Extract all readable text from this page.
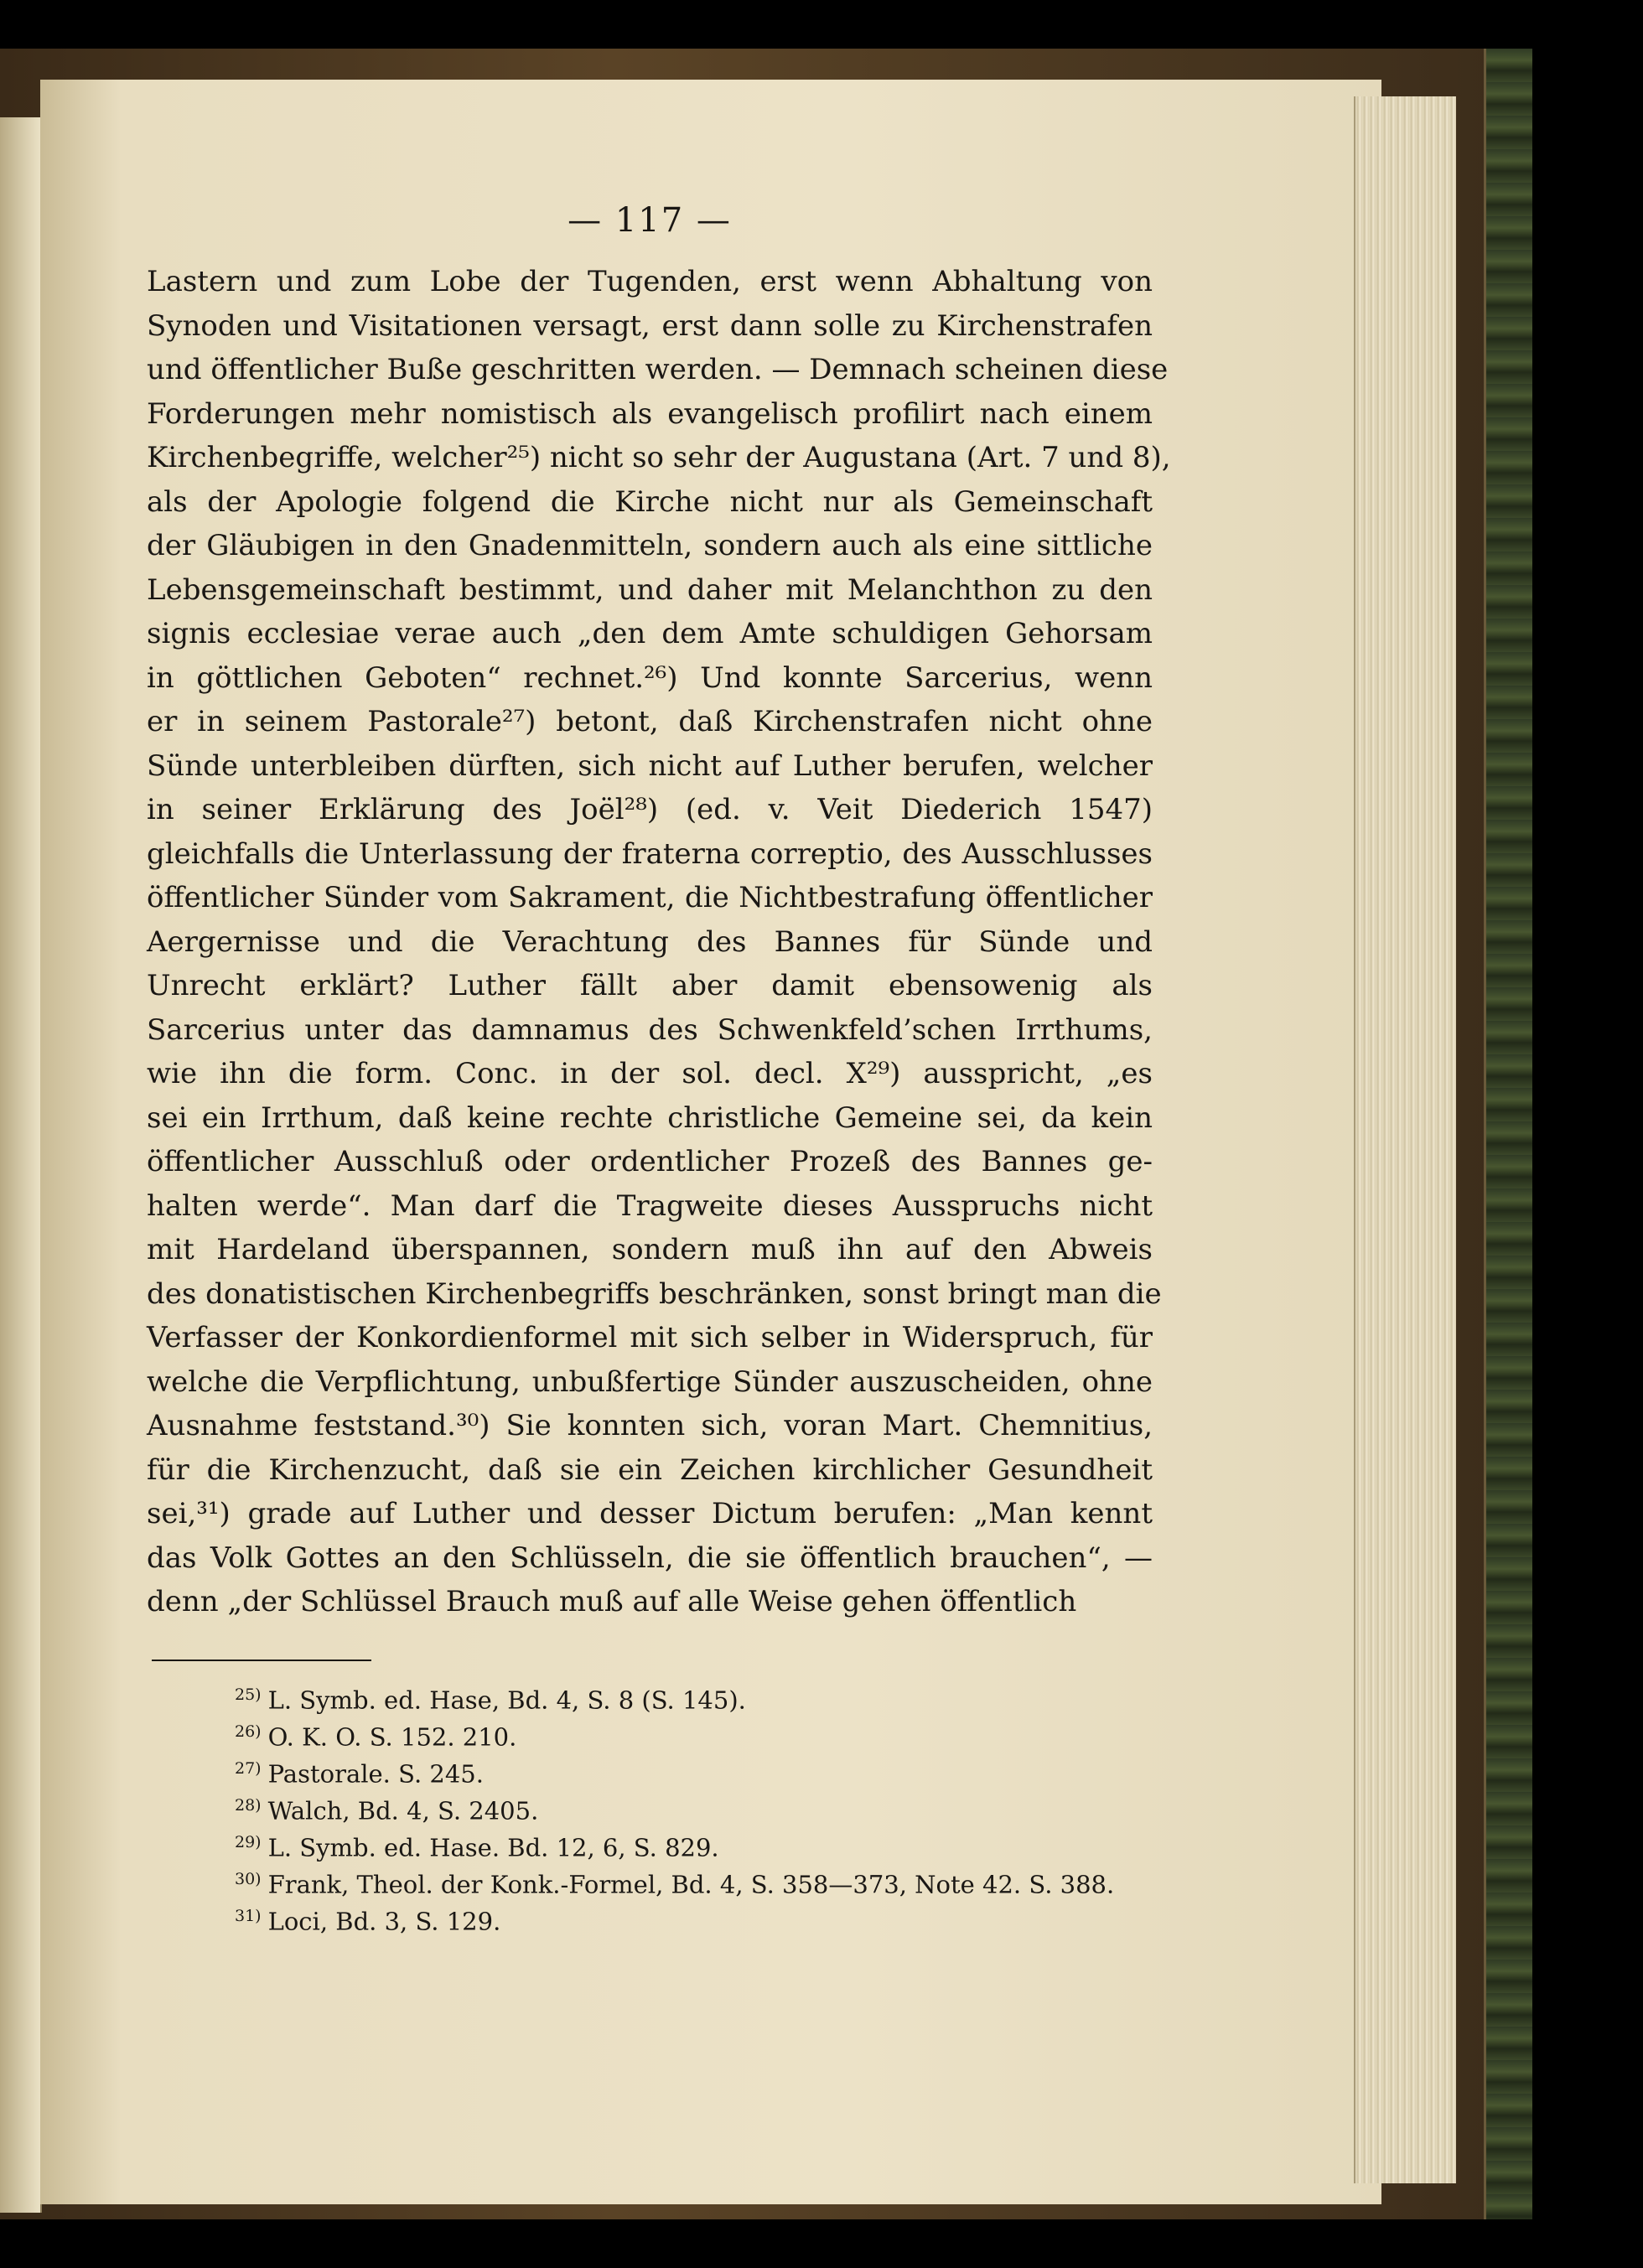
— 117 —
Lastern und zum Lobe der Tugenden, erst wenn Abhaltung von
Synoden und Visitationen versagt, erst dann solle zu Kirchenstrafen
und öffentlicher Buße geschritten werden. — Demnach scheinen diese
Forderungen mehr nomistisch als evangelisch profilirt nach einem
Kirchenbegriffe, welcher²⁵) nicht so sehr der Augustana (Art. 7 und 8),
als der Apologie folgend die Kirche nicht nur als Gemeinschaft
der Gläubigen in den Gnadenmitteln, sondern auch als eine sittliche
Lebensgemeinschaft bestimmt, und daher mit Melanchthon zu den
signis ecclesiae verae auch „den dem Amte schuldigen Gehorsam
in göttlichen Geboten“ rechnet.²⁶) Und konnte Sarcerius, wenn
er in seinem Pastorale²⁷) betont, daß Kirchenstrafen nicht ohne
Sünde unterbleiben dürften, sich nicht auf Luther berufen, welcher
in seiner Erklärung des Joël²⁸) (ed. v. Veit Diederich 1547)
gleichfalls die Unterlassung der fraterna correptio, des Ausschlusses
öffentlicher Sünder vom Sakrament, die Nichtbestrafung öffentlicher
Aergernisse und die Verachtung des Bannes für Sünde und
Unrecht erklärt? Luther fällt aber damit ebensowenig als
Sarcerius unter das damnamus des Schwenkfeld’schen Irrthums,
wie ihn die form. Conc. in der sol. decl. X²⁹) ausspricht, „es
sei ein Irrthum, daß keine rechte christliche Gemeine sei, da kein
öffentlicher Ausschluß oder ordentlicher Prozeß des Bannes ge-
halten werde“. Man darf die Tragweite dieses Ausspruchs nicht
mit Hardeland überspannen, sondern muß ihn auf den Abweis
des donatistischen Kirchenbegriffs beschränken, sonst bringt man die
Verfasser der Konkordienformel mit sich selber in Widerspruch, für
welche die Verpflichtung, unbußfertige Sünder auszuscheiden, ohne
Ausnahme feststand.³⁰) Sie konnten sich, voran Mart. Chemnitius,
für die Kirchenzucht, daß sie ein Zeichen kirchlicher Gesundheit
sei,³¹) grade auf Luther und desser Dictum berufen: „Man kennt
das Volk Gottes an den Schlüsseln, die sie öffentlich brauchen“, —
denn „der Schlüssel Brauch muß auf alle Weise gehen öffentlich
$^{25)}$ L. Symb. ed. Hase, Bd. 4, S. 8 (S. 145).
$^{26)}$ O. K. O. S. 152. 210.
$^{27)}$ Pastorale. S. 245.
$^{28)}$ Walch, Bd. 4, S. 2405.
$^{29)}$ L. Symb. ed. Hase. Bd. 12, 6, S. 829.
$^{30)}$ Frank, Theol. der Konk.-Formel, Bd. 4, S. 358—373, Note 42. S. 388.
$^{31)}$ Loci, Bd. 3, S. 129.
